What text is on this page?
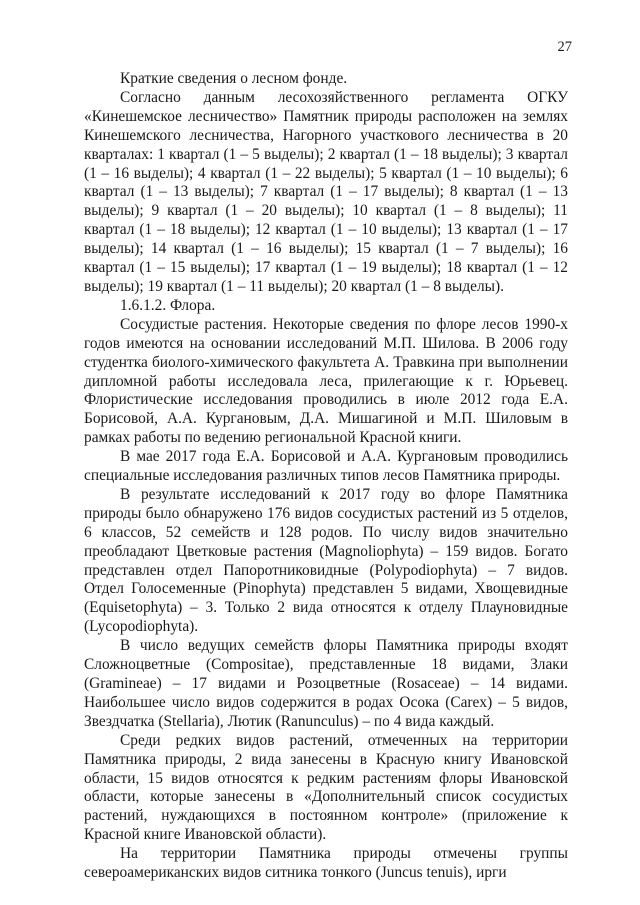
27

Краткие сведения о лесном фонде.

Согласно данным лесохозяйственного регламента ОГКУ «Кинешемское лесничество» Памятник природы расположен на землях Кинешемского лесничества, Нагорного участкового лесничества в 20 кварталах: 1 квартал (1 – 5 выделы); 2 квартал (1 – 18 выделы); 3 квартал (1 – 16 выделы); 4 квартал (1 – 22 выделы); 5 квартал (1 – 10 выделы); 6 квартал (1 – 13 выделы); 7 квартал (1 – 17 выделы); 8 квартал (1 – 13 выделы); 9 квартал (1 – 20 выделы); 10 квартал (1 – 8 выделы); 11 квартал (1 – 18 выделы); 12 квартал (1 – 10 выделы); 13 квартал (1 – 17 выделы); 14 квартал (1 – 16 выделы); 15 квартал (1 – 7 выделы); 16 квартал (1 – 15 выделы); 17 квартал (1 – 19 выделы); 18 квартал (1 – 12 выделы); 19 квартал (1 – 11 выделы); 20 квартал (1 – 8 выделы).

1.6.1.2. Флора.

Сосудистые растения. Некоторые сведения по флоре лесов 1990-х годов имеются на основании исследований М.П. Шилова. В 2006 году студентка биолого-химического факультета А. Травкина при выполнении дипломной работы исследовала леса, прилегающие к г. Юрьевец. Флористические исследования проводились в июле 2012 года Е.А. Борисовой, А.А. Кургановым, Д.А. Мишагиной и М.П. Шиловым в рамках работы по ведению региональной Красной книги.

В мае 2017 года Е.А. Борисовой и А.А. Кургановым проводились специальные исследования различных типов лесов Памятника природы.

В результате исследований к 2017 году во флоре Памятника природы было обнаружено 176 видов сосудистых растений из 5 отделов, 6 классов, 52 семейств и 128 родов. По числу видов значительно преобладают Цветковые растения (Magnoliophyta) – 159 видов. Богато представлен отдел Папоротниковидные (Polypodiophyta) – 7 видов. Отдел Голосеменные (Pinophyta) представлен 5 видами, Хвощевидные (Equisetophyta) – 3. Только 2 вида относятся к отделу Плауновидные (Lycopodiophyta).

В число ведущих семейств флоры Памятника природы входят Сложноцветные (Compositae), представленные 18 видами, Злаки (Gramineae) – 17 видами и Розоцветные (Rosaceae) – 14 видами. Наибольшее число видов содержится в родах Осока (Carex) – 5 видов, Звездчатка (Stellaria), Лютик (Ranunculus) – по 4 вида каждый.

Среди редких видов растений, отмеченных на территории Памятника природы, 2 вида занесены в Красную книгу Ивановской области, 15 видов относятся к редким растениям флоры Ивановской области, которые занесены в «Дополнительный список сосудистых растений, нуждающихся в постоянном контроле» (приложение к Красной книге Ивановской области).

На территории Памятника природы отмечены группы североамериканских видов ситника тонкого (Juncus tenuis), ирги
